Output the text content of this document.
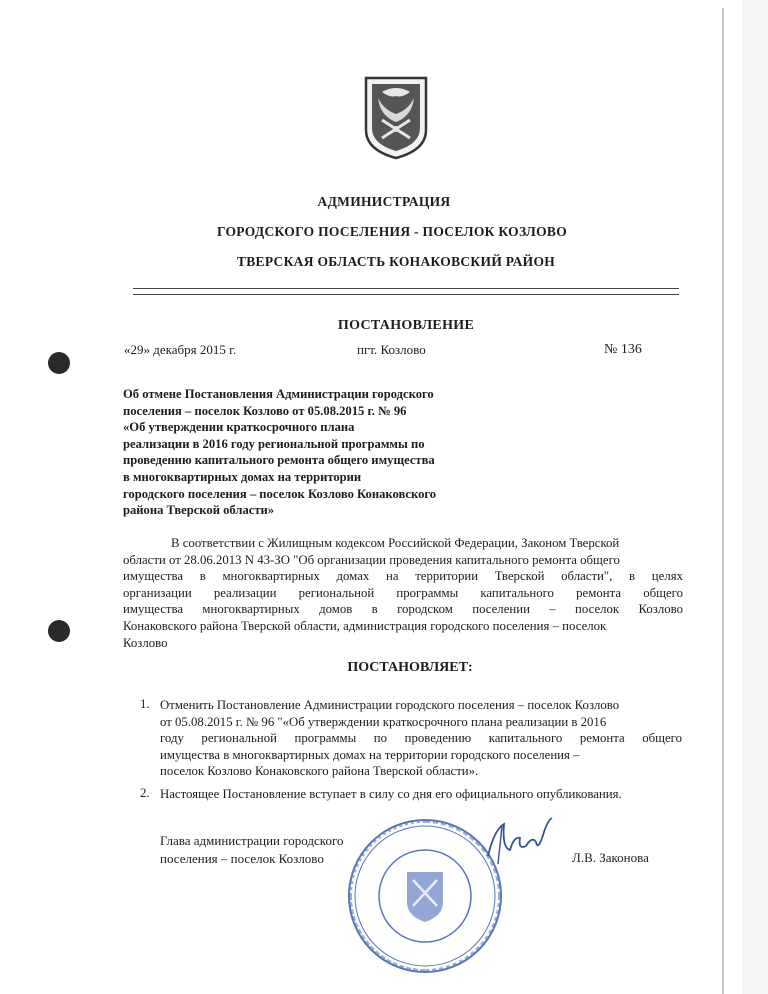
АДМИНИСТРАЦИЯ
ГОРОДСКОГО ПОСЕЛЕНИЯ - ПОСЕЛОК КОЗЛОВО
ТВЕРСКАЯ ОБЛАСТЬ КОНАКОВСКИЙ РАЙОН
ПОСТАНОВЛЕНИЕ
«29» декабря 2015 г.	пгт. Козлово	№ 136
Об отмене Постановления Администрации городского
поселения – поселок Козлово от 05.08.2015 г. № 96
«Об утверждении краткосрочного плана
реализации в 2016 году региональной программы по
проведению капитального ремонта общего имущества
в многоквартирных домах на территории
городского поселения – поселок Козлово Конаковского
района Тверской области»
В соответствии с Жилищным кодексом Российской Федерации, Законом Тверской
области от 28.06.2013 N 43-ЗО "Об организации проведения капитального ремонта общего
имущества в многоквартирных домах на территории Тверской области", в целях
организации реализации региональной программы капитального ремонта общего
имущества многоквартирных домов в городском поселении – поселок Козлово
Конаковского района Тверской области, администрация городского поселения – поселок
Козлово
ПОСТАНОВЛЯЕТ:
1. Отменить Постановление Администрации городского поселения – поселок Козлово
от 05.08.2015 г. № 96 "«Об утверждении краткосрочного плана реализации в 2016
году региональной программы по проведению капитального ремонта общего
имущества в многоквартирных домах на территории городского поселения –
поселок Козлово Конаковского района Тверской области».
2. Настоящее Постановление вступает в силу со дня его официального опубликования.
Глава администрации городского
поселения – поселок Козлово	Л.В. Законова
